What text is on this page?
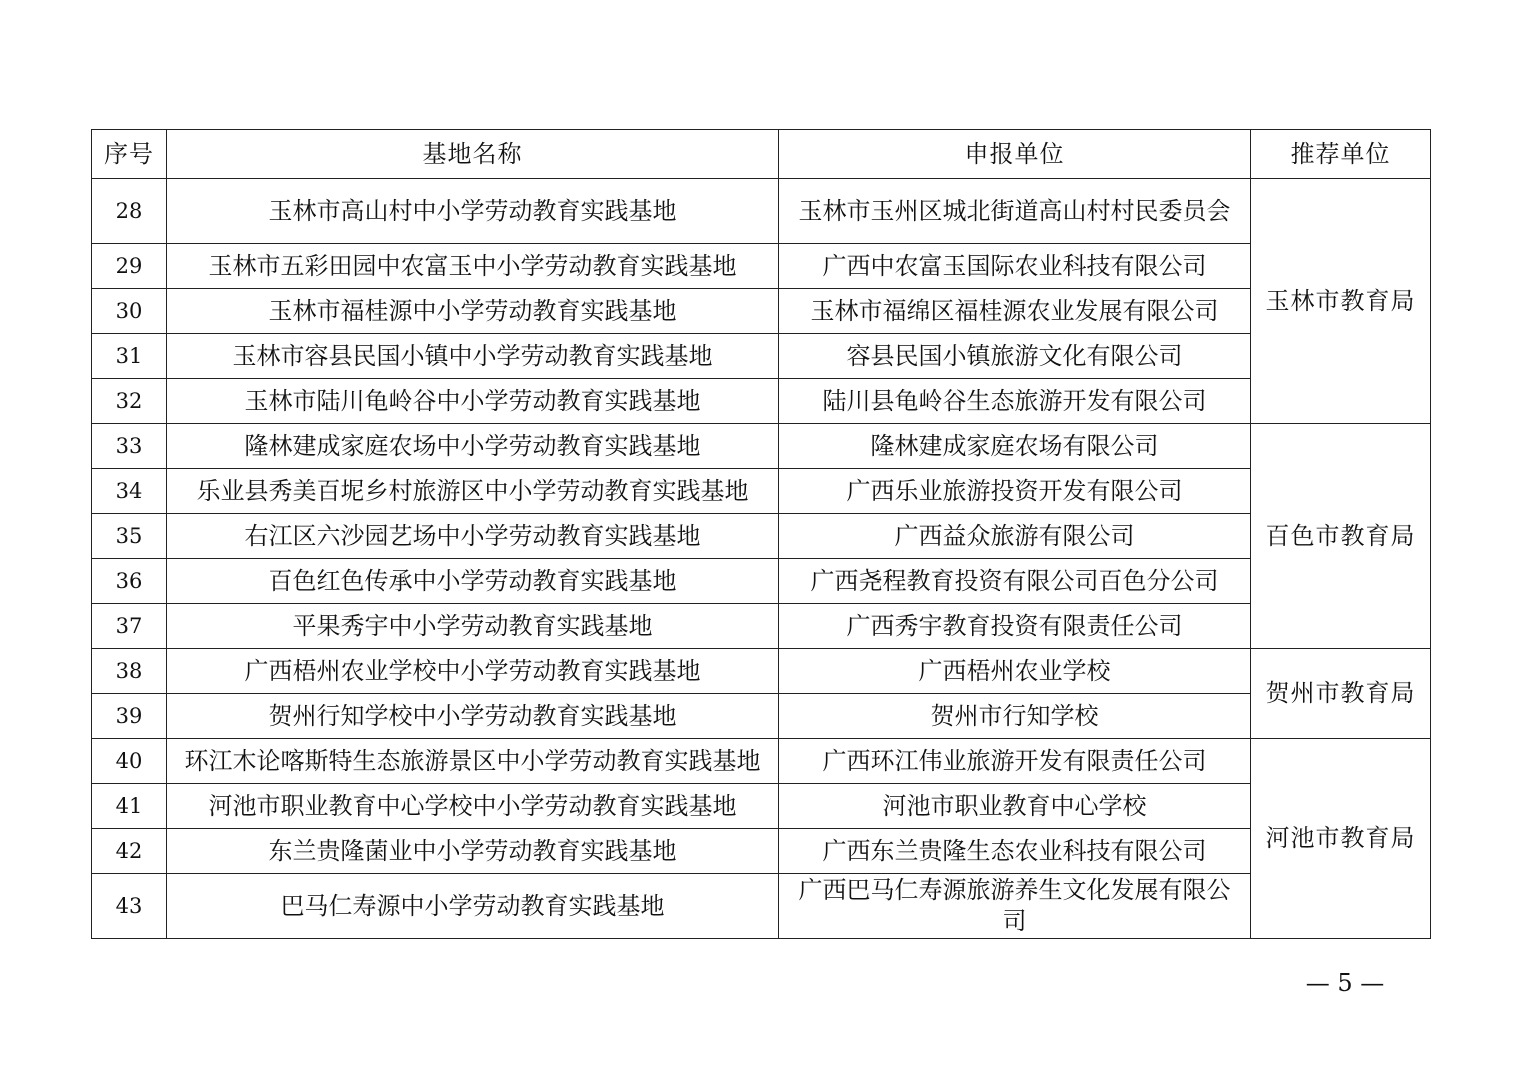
序号	基地名称	申报单位	推荐单位
28	玉林市高山村中小学劳动教育实践基地	玉林市玉州区城北街道高山村村民委员会	玉林市教育局
29	玉林市五彩田园中农富玉中小学劳动教育实践基地	广西中农富玉国际农业科技有限公司	
30	玉林市福桂源中小学劳动教育实践基地	玉林市福绵区福桂源农业发展有限公司	
31	玉林市容县民国小镇中小学劳动教育实践基地	容县民国小镇旅游文化有限公司	
32	玉林市陆川龟岭谷中小学劳动教育实践基地	陆川县龟岭谷生态旅游开发有限公司	
33	隆林建成家庭农场中小学劳动教育实践基地	隆林建成家庭农场有限公司	百色市教育局
34	乐业县秀美百坭乡村旅游区中小学劳动教育实践基地	广西乐业旅游投资开发有限公司	
35	右江区六沙园艺场中小学劳动教育实践基地	广西益众旅游有限公司	
36	百色红色传承中小学劳动教育实践基地	广西尧程教育投资有限公司百色分公司	
37	平果秀宇中小学劳动教育实践基地	广西秀宇教育投资有限责任公司	
38	广西梧州农业学校中小学劳动教育实践基地	广西梧州农业学校	贺州市教育局
39	贺州行知学校中小学劳动教育实践基地	贺州市行知学校	
40	环江木论喀斯特生态旅游景区中小学劳动教育实践基地	广西环江伟业旅游开发有限责任公司	河池市教育局
41	河池市职业教育中心学校中小学劳动教育实践基地	河池市职业教育中心学校	
42	东兰贵隆菌业中小学劳动教育实践基地	广西东兰贵隆生态农业科技有限公司	
43	巴马仁寿源中小学劳动教育实践基地	广西巴马仁寿源旅游养生文化发展有限公司	
— 5 —
